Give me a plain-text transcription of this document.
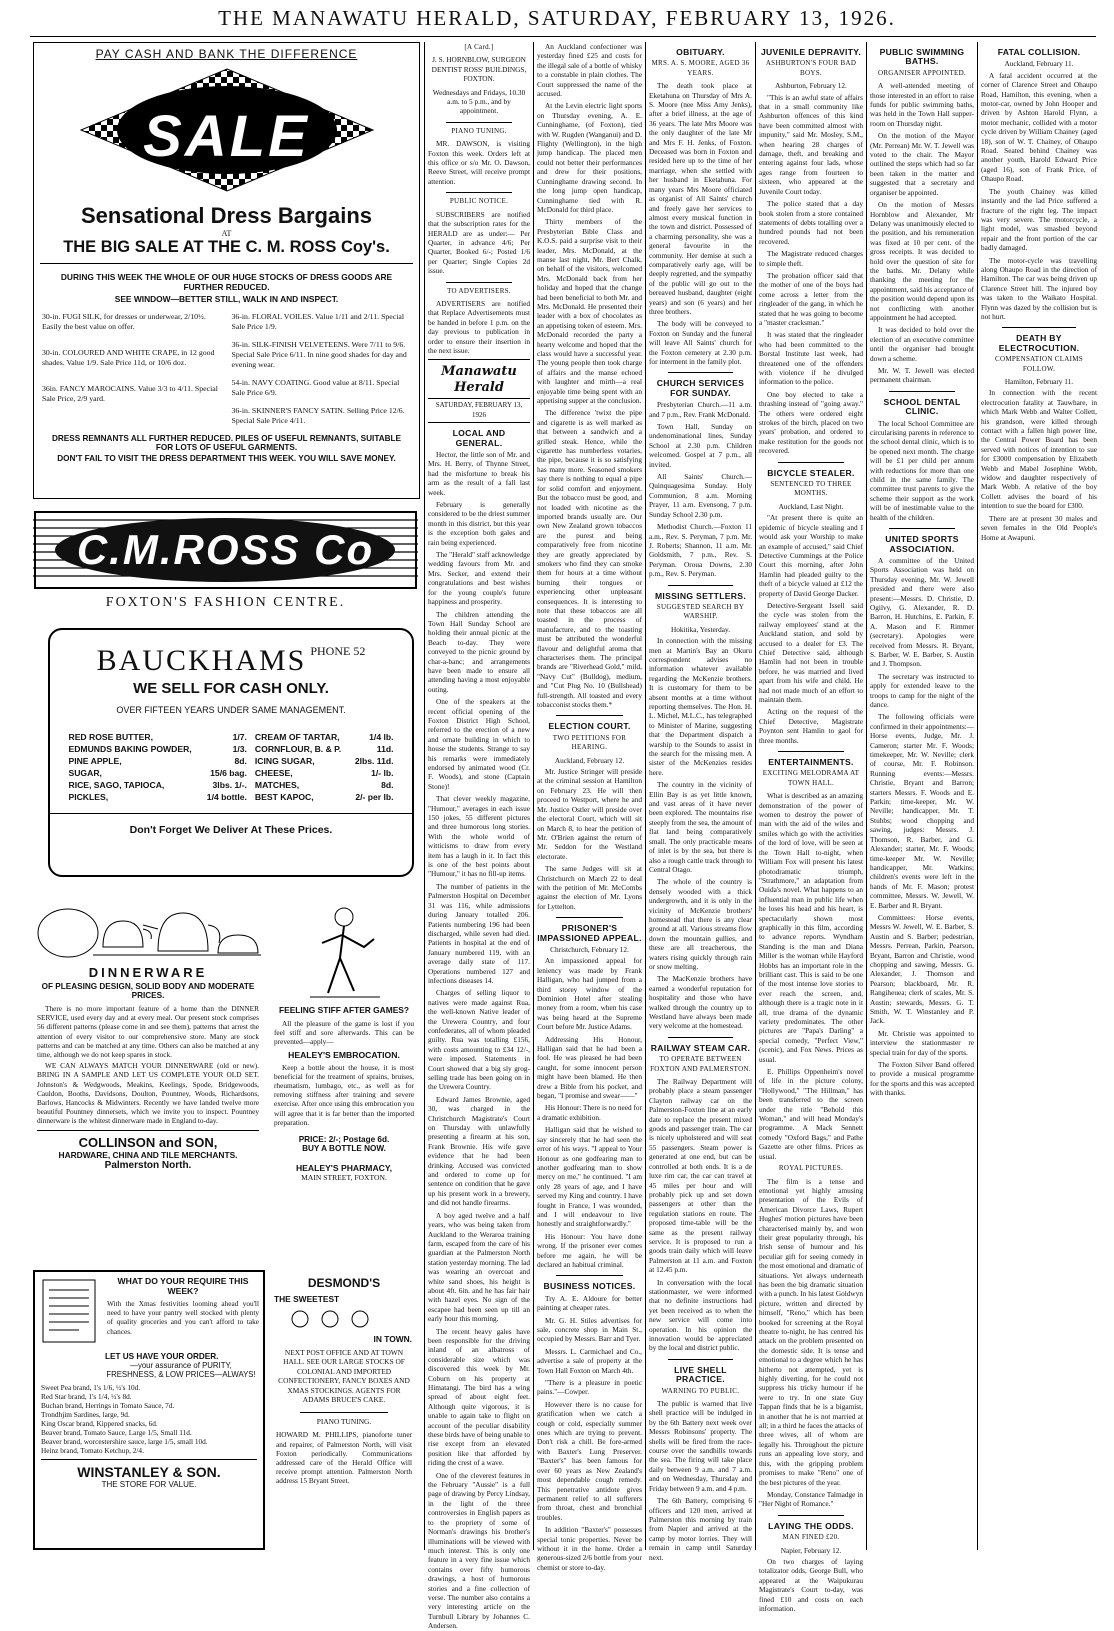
THE MANAWATU HERALD, SATURDAY, FEBRUARY 13, 1926.
PAY CASH AND BANK THE DIFFERENCE
SALE
Sensational Dress Bargains
AT
THE BIG SALE AT THE C. M. ROSS Coy's.
DURING THIS WEEK THE WHOLE OF OUR HUGE STOCKS OF DRESS GOODS ARE FURTHER REDUCED.
SEE WINDOW—BETTER STILL, WALK IN AND INSPECT.
30-in. FUGI SILK, for dresses or underwear, 2/10½. Easily the best value on offer.
30-in. COLOURED AND WHITE CRAPE, in 12 good shades. Value 1/9. Sale Price 11d, or 10/6 doz.
36in. FANCY MAROCAINS. Value 3/3 to 4/11. Special Sale Price, 2/9 yard.
36-in. FLORAL VOILES. Value 1/11 and 2/11. Special Sale Price 1/9.
36-in. SILK-FINISH VELVETEENS. Were 7/11 to 9/6. Special Sale Price 6/11. In nine good shades for day and evening wear.
54-in. NAVY COATING. Good value at 8/11. Special Sale Price 6/9.
36-in. SKINNER'S FANCY SATIN. Selling Price 12/6. Special Sale Price 4/11.
DRESS REMNANTS ALL FURTHER REDUCED. PILES OF USEFUL REMNANTS, SUITABLE FOR LOTS OF USEFUL GARMENTS.
DON'T FAIL TO VISIT THE DRESS DEPARTMENT THIS WEEK. YOU WILL SAVE MONEY.
C.M.ROSS Co
FOXTON'S FASHION CENTRE.
BAUCKHAMS $^{PHONE 52}$
WE SELL FOR CASH ONLY.
OVER FIFTEEN YEARS UNDER SAME MANAGEMENT.
RED ROSE BUTTER,	1/7.	CREAM OF TARTAR,	1/4 lb.
EDMUNDS BAKING POWDER,	1/3.	CORNFLOUR, B. & P.	11d.
PINE APPLE,	8d.	ICING SUGAR,	2lbs. 11d.
SUGAR,	15/6 bag.	CHEESE,	1/- lb.
RICE, SAGO, TAPIOCA,	3lbs. 1/-.	MATCHES,	8d.
PICKLES,	1/4 bottle.	BEST KAPOC,	2/- per lb.
Don't Forget We Deliver At These Prices.
DINNERWARE
OF PLEASING DESIGN, SOLID BODY AND MODERATE PRICES.
There is no more important feature of a home than the DINNER SERVICE, used every day and at every meal. Our present stock comprises 56 different patterns (please come in and see them), patterns that arrest the attention of every visitor to our comprehensive store. Many are stock patterns and can be matched at any time. Others can also be matched at any time, although we do not keep spares in stock.
WE CAN ALWAYS MATCH YOUR DINNERWARE (old or new). BRING IN A SAMPLE AND LET US COMPLETE YOUR OLD SET. Johnston's & Wedgwoods, Meakins, Keelings, Spode, Bridgewoods, Cauldon, Booths, Davidsons, Doulton, Pountney, Woods, Richardsons, Barlows, Hancocks & Midwinters. Recently we have landed twelve more beautiful Pountney dinnersets, which we invite you to inspect. Pountney dinnerware is the whitest dinnerware made in England to-day.
COLLINSON and SON,
HARDWARE, CHINA AND TILE MERCHANTS.
Palmerston North.
FEELING STIFF AFTER GAMES?
All the pleasure of the game is lost if you feel stiff and sore afterwards. This can be prevented—apply—
HEALEY'S EMBROCATION.
Keep a bottle about the house, it is most beneficial for the treatment of sprains, bruises, rheumatism, lumbago, etc., as well as for removing stiffness after training and severe exercise. After once using this embrocation you will agree that it is far better than the imported preparation.
PRICE: 2/-; Postage 6d.
BUY A BOTTLE NOW.
HEALEY'S PHARMACY,
MAIN STREET, FOXTON.
WHAT DO YOUR REQUIRE THIS WEEK?
With the Xmas festivities looming ahead you'll need to have your pantry well stocked with plenty of quality groceries and you can't afford to take chances.
LET US HAVE YOUR ORDER.
—your assurance of PURITY, FRESHNESS, & LOW PRICES—ALWAYS!
Sweet Pea brand, 1's 1/6, ½'s 10d.
Red Star brand, 1's 1/4, ½'s 8d.
Buchan brand, Herrings in Tomato Sauce, 7d.
Trondhjim Sardines, large, 9d.
King Oscar brand, Kippered snacks, 6d.
Beaver brand, Tomato Sauce, Large 1/5, Small 11d.
Beaver brand, worcestershire sauce, large 1/5, small 10d.
Heinz brand, Tomato Ketchup, 2/4.
WINSTANLEY & SON.
THE STORE FOR VALUE.
DESMOND'S
THE SWEETEST
IN TOWN.
NEXT POST OFFICE AND AT TOWN HALL. SEE OUR LARGE STOCKS OF COLONIAL AND IMPORTED CONFECTIONERY, FANCY BOXES AND XMAS STOCKINGS. AGENTS FOR ADAMS BRUCE'S CAKE.
PIANO TUNING.
HOWARD M. PHILLIPS, pianoforte tuner and repairer, of Palmerston North, will visit Foxton periodically. Communications addressed care of the Herald Office will receive prompt attention. Palmerston North address 15 Bryant Street.
[A Card.]
J. S. HORNBLOW, SURGEON DENTIST ROSS' BUILDINGS, FOXTON.
Wednesdays and Fridays, 10.30 a.m. to 5 p.m., and by appointment.
PIANO TUNING.

MR. DAWSON, is visiting Foxton this week. Orders left at this office or s/o Mr. O. Dawson, Reeve Street, will receive prompt attention.

PUBLIC NOTICE.

SUBSCRIBERS are notified that the subscription rates for the HERALD are as under:— Per Quarter, in advance 4/6; Per Quarter, Booked 6/-; Posted 1/6 per Quarter; Single Copies 2d issue.

TO ADVERTISERS.

ADVERTISERS are notified that Replace Advertisements must be handed in before 1 p.m. on the day previous to publication in order to ensure their insertion in the next issue.

Manawatu Herald
SATURDAY, FEBRUARY 13, 1926
LOCAL AND GENERAL.

Hector, the little son of Mr. and Mrs. H. Berry, of Thynne Street, had the misfortune to break his arm as the result of a fall last week.

February is generally considered to be the driest summer month in this district, but this year is the exception both gales and rain being experienced.

The "Herald" staff acknowledge wedding favours from Mr. and Mrs. Secker, and extend their congratulations and best wishes for the young couple's future happiness and prosperity.

The children attending the Town Hall Sunday School are holding their annual picnic at the Beach to-day. They were conveyed to the picnic ground by char-a-banc; and arrangements have been made to ensure all attending having a most enjoyable outing.

One of the speakers at the recent official opening of the Foxton District High School, referred to the erection of a new and ornate building in which to house the students. Strange to say his remarks were immediately endorsed by animated wood (Cr. F. Woods), and stone (Captain Stone)!

That clever weekly magazine, "Humour," averages in each issue 150 jokes, 55 different pictures and three humorous long stories. With the whole world of witticisms to draw from every item has a laugh in it. In fact this is one of the best points about "Humour," it has no fill-up items.

The number of patients in the Palmerston Hospital on December 31 was 116, while admissions during January totalled 206. Patients numbering 196 had been discharged, while seven had died. Patients in hospital at the end of January numbered 119, with an average daily state of 117. Operations numbered 127 and infections diseases 14.

Charges of selling liquor to natives were made against Rua, the well-known Native leader of the Urewera Country, and four confederates, all of whom pleaded guilty. Rua was totalling £156, with costs amounting to £34 12/-, were imposed. Statements in Court showed that a big sly grog-selling trade has been going on in the Urewera Country.

Edward James Brownie, aged 30, was charged in the Christchurch Magistrate's Court on Thursday with unlawfully presenting a firearm at his son, Frank Brownie. His wife gave evidence that he had been drinking. Accused was convicted and ordered to come up for sentence on condition that he gave up his present work in a brewery, and did not handle firearms.

A boy aged twelve and a half years, who was being taken from Auckland to the Weraroa training farm, escaped from the care of his guardian at the Palmerston North station yesterday morning. The lad was wearing an overcoat and white sand shoes, his height is about 4ft. 6in. and he has fair hair with hazel eyes. No sign of the escapee had been seen up till an early hour this morning.

The recent heavy gales have been responsible for the driving inland of an albatross of considerable size which was discovered this week by Mr. Coburn on his property at Himatangi. The bird has a wing spread of about eight feet. Although quite vigorous, it is unable to again take to flight on account of the peculiar disability these birds have of being unable to rise except from an elevated position like that afforded by riding the crest of a wave.

One of the cleverest features in the February "Aussie" is a full page of drawing by Percy Lindsay, in the light of the three controversies in English papers as to the propriety of some of Norman's drawings his brother's illuminations will be viewed with much interest. This is only one feature in a very fine issue which contains over fifty humorous drawings, a host of humorous stories and a fine collection of verse. The number also contains a very interesting article on the Turnbull Library by Johannes C. Andersen.

An Auckland confectioner was yesterday fined £25 and costs for the illegal sale of a bottle of whisky to a constable in plain clothes. The Court suppressed the name of the accused.

At the Levin electric light sports on Thursday evening, A. E. Cunninghame, (of Foxton), tied with W. Rugden (Wanganui) and D. Flighty (Wellington), in the high jump handicap. The placed men could not better their performances and drew for their positions, Cunninghame drawing second. In the long jump open handicap, Cunninghame tied with R. McDonald for third place.

Thirty members of the Presbyterian Bible Class and K.O.S. paid a surprise visit to their leader, Mrs. McDonald, at the manse last night, Mr. Bert Chalk, on behalf of the visitors, welcomed Mrs. McDonald back from her holiday and hoped that the change had been beneficial to both Mr. and Mrs. McDonald. He presented their leader with a box of chocolates as an appetising token of esteem. Mrs. McDonald recorded the party a hearty welcome and hoped that the class would have a successful year. The young people then took charge of affairs and the manse echoed with laughter and mirth—a real enjoyable time being spent with an appetising supper at the conclusion.

The difference 'twixt the pipe and cigarette is as well marked as that between a sandwich and a grilled steak. Hence, while the cigarette has numberless votaries, the pipe, because it is so satisfying has many more. Seasoned smokers say there is nothing to equal a pipe for solid comfort and enjoyment. But the tobacco must be good, and not loaded with nicotine as the imported brands usually are. Our own New Zealand grown tobaccos are the purest and being comparatively free from nicotine they are greatly appreciated by smokers who find they can smoke them for hours at a time without burning their tongues or experiencing other unpleasant consequences. It is interesting to note that these tobaccos are all toasted in the process of manufacture, and to the toasting must be attributed the wonderful flavour and delightful aroma that characterises them. The principal brands are "Riverhead Gold," mild, "Navy Cut" (Bulldog), medium, and "Cut Plug No. 10 (Bullshead) full-strength. All toasted and every tobacconist stocks them.*

ELECTION COURT.
TWO PETITIONS FOR HEARING.
Auckland, February 12.

Mr. Justice Stringer will preside at the criminal session at Hamilton on February 23. He will then proceed to Westport, where he and Mr. Justice Ostler will preside over the electoral Court, which will sit on March 8, to hear the petition of Mr. O'Brien against the return of Mr. Seddon for the Westland electorate.

The same Judges will sit at Christchurch on March 22 to deal with the petition of Mr. McCombs against the election of Mr. Lyons for Lyttelton.

PRISONER'S IMPASSIONED APPEAL.
Christchurch, February 12.

An impassioned appeal for leniency was made by Frank Halligan, who had jumped from a third storey window of the Dominion Hotel after stealing money from a room, when his case was being heard at the Supreme Court before Mr. Justice Adams.

Addressing His Honour, Halligan said that he had been a fool. He was pleased he had been caught, for some innocent person might have been blamed. He then drew a Bible from his pocket, and began, "I promise and swear——"

His Honour: There is no need for a dramatic exhibition.

Halligan said that he wished to say sincerely that he had seen the error of his ways. "I appeal to Your Honour as one godfearing man to another godfearing man to show mercy on me," he continued. "I am only 28 years of age, and I have served my King and country. I have fought in France, I was wounded, and I will endeavour to live honestly and straightforwardly."

His Honour: You have done wrong. If the prisoner ever comes before me again, he will be declared an habitual criminal.

BUSINESS NOTICES.

Try A. E. Aldoure for better painting at cheaper rates.

Mr. G. H. Stiles advertises for sale, concrete shop in Main St., occupied by Messrs. Barr and Tyer.

Messrs. L. Carmichael and Co., advertise a sale of property at the Town Hall Foxton on March 4th.

"There is a pleasure in poetic pains."—Cowper.

However there is no cause for gratification when we catch a cough or cold, especially summer ones which are trying to prevent. Don't risk a chill. Be fore-armed with Baxter's Lung Preserver. "Baxter's" has been famous for over 60 years as New Zealand's most dependable cough remedy. This penetrative antidote gives permanent relief to all sufferers from throat, chest and bronchial troubles.

In addition "Baxter's" possesses special tonic properties. Never be without it in the home. Order a generous-sized 2/6 bottle from your chemist or store to-day.

OBITUARY.
MRS. A. S. MOORE, AGED 36 YEARS.

The death took place at Eketahuna on Thursday of Mrs A. S. Moore (nee Miss Amy Jenks), after a brief illness, at the age of 36 years. The late Mrs Moore was the only daughter of the late Mr and Mrs F. H. Jenks, of Foxton. Deceased was born in Foxton and resided here up to the time of her marriage, when she settled with her husband in Eketahuna. For many years Mrs Moore officiated as organist of All Saints' church and freely gave her services to almost every musical function in the town and district. Possessed of a charming personality, she was a general favourite in the community. Her demise at such a comparatively early age, will be deeply regretted, and the sympathy of the public will go out to the bereaved husband, daughter (eight years) and son (6 years) and her three brothers.

The body will be conveyed to Foxton on Sunday and the funeral will leave All Saints' church for the Foxton cemetery at 2.30 p.m. for interment in the family plot.

CHURCH SERVICES FOR SUNDAY.

Presbyterian Church.—11 a.m. and 7 p.m., Rev. Frank McDonald.

Town Hall, Sunday on undenominational lines, Sunday School at 2.30 p.m. Children welcomed. Gospel at 7 p.m., all invited.

All Saints' Church.—Quinquagesima Sunday. Holy Communion, 8 a.m. Morning Prayer, 11 a.m. Evensong, 7 p.m. Sunday School 2.30 p.m.

Methodist Church.—Foxton 11 a.m., Rev. S. Peryman, 7 p.m. Mr. J. Roberts; Shannon, 11 a.m. Mr. Goldsmith, 7 p.m., Rev. S. Peryman. Oroua Downs, 2.30 p.m., Rev. S. Peryman.

MISSING SETTLERS.
SUGGESTED SEARCH BY WARSHIP.
Hokitika, Yesterday.

In connection with the missing men at Martin's Bay an Okuru correspondent advises no information whatever available regarding the McKenzie brothers. It is customary for them to be absent months at a time without reporting themselves. The Hon. H. L. Michel, M.L.C., has telegraphed to Minister of Marine, suggesting that the Department dispatch a warship to the Sounds to assist in the search for the missing men. A sister of the McKenzies resides here.

The country in the vicinity of Ellin Bay is as yet little known, and vast areas of it have never been explored. The mountains rise steeply from the sea, the amount of flat land being comparatively small. The only practicable means of inlet is by the sea, but there is also a rough cattle track through to Central Otago.

The whole of the country is densely wooded with a thick undergrowth, and it is only in the vicinity of McKenzie brothers' homestead that there is any clear ground at all. Various streams flow down the mountain gullies, and these are all treacherous, the waters rising quickly through rain or snow melting.

The MacKenzie brothers have earned a wonderful reputation for hospitality and those who have walked through the country up to Westland have always been made very welcome at the homestead.

RAILWAY STEAM CAR.
TO OPERATE BETWEEN FOXTON AND PALMERSTON.

The Railway Department will probably place a steam passenger Clayton railway car on the Palmerston-Foxton line at an early date to replace the present mixed goods and passenger train. The car is nicely upholstered and will seat 55 passengers. Steam power is generated at one end, but can be controlled at both ends. It is a de luxe rim car, the car can travel at 45 miles per hour and will probably pick up and set down passengers at other than the regulation stations en route. The proposed time-table will be the same as the present railway service. It is proposed to run a goods train daily which will leave Palmerston at 11 a.m. and Foxton at 12.45 p.m.

In conversation with the local stationmaster, we were informed that no definite instructions had yet been received as to when the new service will come into operation. In his opinion the innovation would be appreciated by the local and district public.

LIVE SHELL PRACTICE.
WARNING TO PUBLIC.

The public is warned that live shell practice will be indulged in by the 6th Battery next week over Messrs Robinsons' property. The shells will be fired from the race-course over the sandhills towards the sea. The firing will take place daily between 9 a.m. and 7 a.m. and on Wednesday, Thursday and Friday between 9 a.m. and 4 p.m.

The 6th Battery, comprising 6 officers and 120 men, arrived at Palmerston this morning by train from Napier and arrived at the camp by motor lorries. They will remain in camp until Saturday next.

JUVENILE DEPRAVITY.
ASHBURTON'S FOUR BAD BOYS.
Ashburton, February 12.

"This is an awful state of affairs that in a small community like Ashburton offences of this kind have been committed almost with impunity," said Mr. Mosley, S.M., when hearing 28 charges of damage, theft, and breaking and entering against four lads, whose ages range from fourteen to sixteen, who appeared at the Juvenile Court today.

The police stated that a day book stolen from a store contained statements of debts totalling over a hundred pounds had not been recovered.

The Magistrate reduced charges to simple theft.

The probation officer said that the mother of one of the boys had come across a letter from the ringleader of the gang, in which he stated that he was going to become a "master cracksman."

It was stated that the ringleader who had been committed to the Borstal Institute last week, had threatened one of the offenders with violence if he divulged information to the police.

One boy elected to take a thrashing instead of "going away." The others were ordered eight strokes of the birch, placed on two years' probation, and ordered to make restitution for the goods not recovered.

BICYCLE STEALER.
SENTENCED TO THREE MONTHS.
Auckland, Last Night.

"At present there is quite an epidemic of bicycle stealing and I would ask your Worship to make an example of accused," said Chief Detective Cummings at the Police Court this morning, after John Hamlin had pleaded guilty to the theft of a bicycle valued at £12 the property of David George Dacker.

Detective-Sergeant Issell said the cycle was stolen from the railway employees' stand at the Auckland station, and sold by accused to a dealer for £3. The Chief Detective said, although Hamlin had not been in trouble before, he was married and lived apart from his wife and child. He had not made much of an effort to maintain them.

Acting on the request of the Chief Detective, Magistrate Poynton sent Hamlin to gaol for three months.

ENTERTAINMENTS.
EXCITING MELODRAMA AT TOWN HALL.

What is described as an amazing demonstration of the power of women to destroy the power of man with the aid of the wiles and smiles which go with the activities of the lord of love, will be seen at the Town Hall to-night, when William Fox will present his latest photodramatic triumph, "Strathmore," an adaptation from Ouida's novel. What happens to an influential man in public life when he loses his head and his heart, is spectacularly shown most graphically in this film, according to advance reports. Wyndham Standing is the man and Diana Miller is the woman while Hayford Hobbs has an important role in the brilliant cast. This is said to be one of the most intense love stories to ever reach the screen, and, although there is a tragic note in it all, true drama of the dynamic variety predominates. The other pictures are "Papa's Darling" a special comedy, "Perfect View," (scenic), and Fox News. Prices as usual.

E. Phillips Oppenheim's novel of life in the picture colony, "Hollywood," "The Hillman," has been transferred to the screen under the title "Behold this Woman," and will head Monday's programme. A Mack Sennett comedy "Oxford Bags," and Pathe Gazette are other films. Prices as usual.

ROYAL PICTURES.

The film is a tense and emotional yet highly amusing presentation of the Evils of American Divorce Laws, Rupert Hughes' motion pictures have been characterised mainly by, and won their great popularity through, his Irish sense of humour and his peculiar gift for seeing comedy in the most emotional and dramatic of situations. Yet always underneath has been the big dramatic situation with a punch. In his latest Goldwyn picture, written and directed by himself, "Reno," which has been booked for screening at the Royal theatre to-night, he has centred his attack on the problem presented on the domestic side. It is tense and emotional to a degree which he has hitherto not attempted, yet is highly diverting, for he could not suppress his tricky humour if he were to try. In one state Guy Tappan finds that he is a bigamist, in another that he is not married at all; in a third he faces the attacks of three wives, all of whom are legally his. Throughout the picture runs an appealing love story, and this, with the gripping problem promises to make "Reno" one of the best pictures of the year.

Monday, Constance Talmadge in "Her Night of Romance."

LAYING THE ODDS.
MAN FINED £20.
Napier, February 12.

On two charges of laying totalizator odds, George Bull, who appeared at the Waipukurau Magistrate's Court to-day, was fined £10 and costs on each information.

PUBLIC SWIMMING BATHS.
ORGANISER APPOINTED.

A well-attended meeting of those interested in an effort to raise funds for public swimming baths, was held in the Town Hall supper-room on Thursday night.

On the motion of the Mayor (Mr. Perrean) Mr. W. T. Jewell was voted to the chair. The Mayor outlined the steps which had so far been taken in the matter and suggested that a secretary and organiser be appointed.

On the motion of Messrs Hornblow and Alexander, Mr Delany was unanimously elected to the position, and his remuneration was fixed at 10 per cent. of the gross receipts. It was decided to hold over the question of site for the baths. Mr. Delany while thanking the meeting for the appointment, said his acceptance of the position would depend upon its not conflicting with another appointment he had accepted.

It was decided to hold over the election of an executive committee until the organiser had brought down a scheme.

Mr. W. T. Jewell was elected permanent chairman.

SCHOOL DENTAL CLINIC.

The local School Committee are circularising parents in reference to the school dental clinic, which is to be opened next month. The charge will be £1 per child per annum with reductions for more than one child in the same family. The committee trust parents to give the scheme their support as the work will be of inestimable value to the health of the children.

UNITED SPORTS ASSOCIATION.

A committee of the United Sports Association was held on Thursday evening, Mr. W. Jewell presided and there were also present:—Messrs. D. Christie, D. Ogilvy, G. Alexander, R. D. Barron, H. Hutchins, E. Parkin, F. A. Mason and F. Rimmer (secretary). Apologies were received from Messrs. R. Bryant, S. Barber, W. E. Barber, S. Austin and J. Thompson.

The secretary was instructed to apply for extended leave to the troops to camp for the night of the dance.

The following officials were confirmed in their appointments:—Horse events, Judge, Mr. J. Cameron; starter Mr. F. Woods; timekeeper, Mr. W. Neville; clerk of course, Mr. F. Robinson. Running events:—Messrs. Christie, Bryant and Barron; starters Messrs. F. Woods and E. Parkin; time-keeper, Mr. W. Neville; handicapper, Mr. T. Stubbs; wood chopping and sawing, judges: Messrs. J. Thomson, R. Barber, and G. Alexander; starter, Mr. F. Woods; time-keeper Mr. W. Neville; handicapper, Mr. Watkins; children's events were left in the hands of Mr. F. Mason; protest committee, Messrs. W. Jewell, W. E. Barber and R. Bryant.

Committees: Horse events, Messrs W. Jewell, W. E. Barber, S. Austin and S. Barber; pedestrian, Messrs. Perrean, Parkin, Pearson, Bryant, Barron and Christie, wood chopping and sawing, Messrs. G. Alexander, J. Thomson and Pearson; blackboard, Mr. R. Rangiheuea; clerk of scales, Mr. S. Austin; stewards, Messrs. G. T. Smith, W. T. Winstanley and P. Jack.

Mr. Christie was appointed to interview the stationmaster re special train for day of the sports.

The Foxton Silver Band offered to provide a musical programme for the sports and this was accepted with thanks.

FATAL COLLISION.
Auckland, February 11.

A fatal accident occurred at the corner of Clarence Street and Ohaupo Road, Hamilton, this evening, when a motor-car, owned by John Hooper and driven by Ashton Harold Flynn, a motor mechanic, collided with a motor cycle driven by William Chainey (aged 18), son of W. T. Chainey, of Ohaupo Road. Seated behind Chainey was another youth, Harold Edward Price (aged 16), son of Frank Price, of Ohaupo Road.

The youth Chainey was killed instantly and the lad Price suffered a fracture of the right leg. The impact was very severe. The motorcycle, a light model, was smashed beyond repair and the front portion of the car badly damaged.

The motor-cycle was travelling along Ohaupo Road in the direction of Hamilton. The car was being driven up Clarence Street hill. The injured boy was taken to the Waikato Hospital. Flynn was dazed by the collision but is not hurt.

DEATH BY ELECTROCUTION.
COMPENSATION CLAIMS FOLLOW.
Hamilton, February 11.

In connection with the recent electrocution fatality at Tauwhare, in which Mark Webb and Walter Collett, his grandson, were killed through contact with a fallen high power line, the Central Power Board has been served with notices of intention to sue for £3000 compensation by Elizabeth Webb and Mabel Josephine Webb, widow and daughter respectively of Mark Webb. A relative of the boy Collett advises the board of his intention to sue the board for £300.

There are at present 30 males and seven females in the Old People's Home at Awapuni.
